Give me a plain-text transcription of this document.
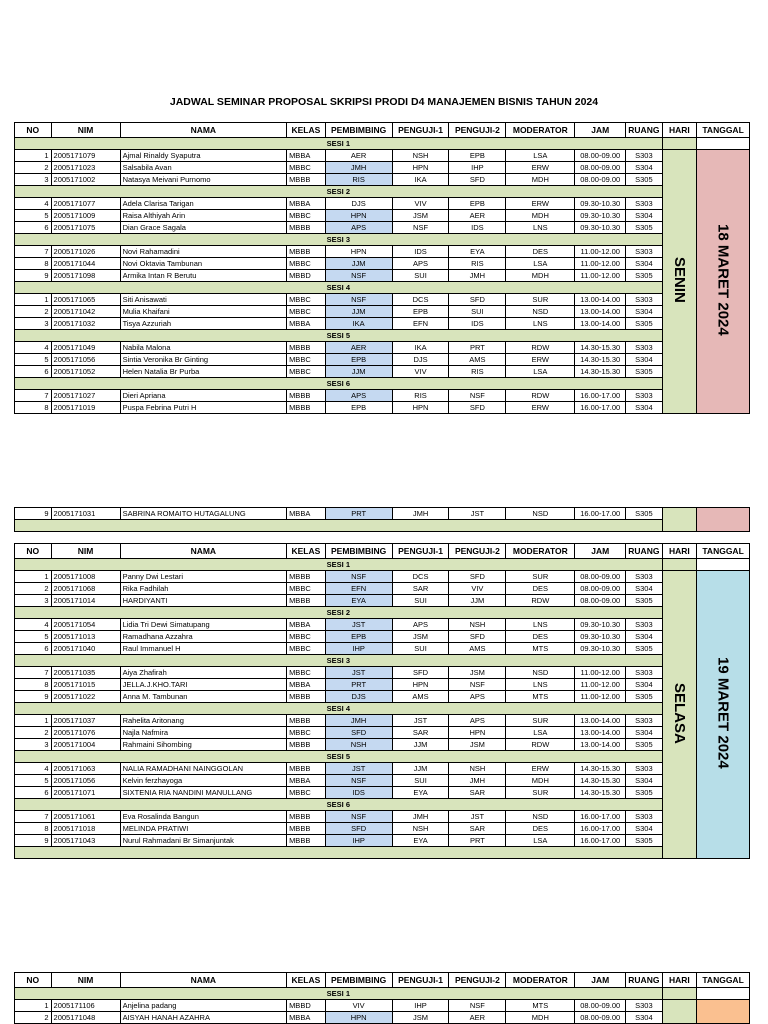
JADWAL SEMINAR PROPOSAL SKRIPSI PRODI D4 MANAJEMEN BISNIS TAHUN 2024
NO	NIM	NAMA	KELAS	PEMBIMBING	PENGUJI-1	PENGUJI-2	MODERATOR	JAM	RUANG	HARI	TANGGAL
SESI 1											
1	2005171079	Ajmal Rinaldy Syaputra	MBBA	AER	NSH	EPB	LSA	08.00-09.00	S303	SENIN	18 MARET 2024
2	2005171023	Salsabila Avan	MBBC	JMH	HPN	IHP	ERW	08.00-09.00	S304		
3	2005171002	Natasya Meivani Purnomo	MBBB	RIS	IKA	SFD	MDH	08.00-09.00	S305		
SESI 2											
4	2005171077	Adela Clarisa Tarigan	MBBA	DJS	VIV	EPB	ERW	09.30-10.30	S303		
5	2005171009	Raisa Althiyah Arin	MBBC	HPN	JSM	AER	MDH	09.30-10.30	S304		
6	2005171075	Dian Grace Sagala	MBBB	APS	NSF	IDS	LNS	09.30-10.30	S305		
SESI 3											
7	2005171026	Novi Rahamadini	MBBB	HPN	IDS	EYA	DES	11.00-12.00	S303		
8	2005171044	Novi Oktavia Tambunan	MBBC	JJM	APS	RIS	LSA	11.00-12.00	S304		
9	2005171098	Armika Intan R Berutu	MBBD	NSF	SUI	JMH	MDH	11.00-12.00	S305		
SESI 4											
1	2005171065	Siti Anisawati	MBBC	NSF	DCS	SFD	SUR	13.00-14.00	S303		
2	2005171042	Mulia Khaifani	MBBC	JJM	EPB	SUI	NSD	13.00-14.00	S304		
3	2005171032	Tisya Azzuriah	MBBA	IKA	EFN	IDS	LNS	13.00-14.00	S305		
SESI 5											
4	2005171049	Nabila Malona	MBBB	AER	IKA	PRT	RDW	14.30-15.30	S303		
5	2005171056	Sintia Veronika Br Ginting	MBBC	EPB	DJS	AMS	ERW	14.30-15.30	S304		
6	2005171052	Helen Natalia Br Purba	MBBC	JJM	VIV	RIS	LSA	14.30-15.30	S305		
SESI 6											
7	2005171027	Dieri Apriana	MBBB	APS	RIS	NSF	RDW	16.00-17.00	S303		
8	2005171019	Puspa Febrina Putri H	MBBB	EPB	HPN	SFD	ERW	16.00-17.00	S304		
9	2005171031	SABRINA ROMAITO HUTAGALUNG	MBBA	PRT	JMH	JST	NSD	16.00-17.00	S305		

NO	NIM	NAMA	KELAS	PEMBIMBING	PENGUJI-1	PENGUJI-2	MODERATOR	JAM	RUANG	HARI	TANGGAL
SESI 1											
1	2005171008	Panny Dwi Lestari	MBBB	NSF	DCS	SFD	SUR	08.00-09.00	S303	SELASA	19 MARET 2024
2	2005171068	Rika Fadhilah	MBBC	EFN	SAR	VIV	DES	08.00-09.00	S304		
3	2005171014	HARDIYANTI	MBBB	EYA	SUI	JJM	RDW	08.00-09.00	S305		
SESI 2											
4	2005171054	Lidia Tri Dewi Simatupang	MBBA	JST	APS	NSH	LNS	09.30-10.30	S303		
5	2005171013	Ramadhana Azzahra	MBBC	EPB	JSM	SFD	DES	09.30-10.30	S304		
6	2005171040	Raul Immanuel H	MBBC	IHP	SUI	AMS	MTS	09.30-10.30	S305		
SESI 3											
7	2005171035	Aiya Zhafirah	MBBC	JST	SFD	JSM	NSD	11.00-12.00	S303		
8	2005171015	JELLA.J.KHO.TARI	MBBA	PRT	HPN	NSF	LNS	11.00-12.00	S304		
9	2005171022	Anna M. Tambunan	MBBB	DJS	AMS	APS	MTS	11.00-12.00	S305		
SESI 4											
1	2005171037	Rahelita Aritonang	MBBB	JMH	JST	APS	SUR	13.00-14.00	S303		
2	2005171076	Najla Nafmira	MBBC	SFD	SAR	HPN	LSA	13.00-14.00	S304		
3	2005171004	Rahmaini Sihombing	MBBB	NSH	JJM	JSM	RDW	13.00-14.00	S305		
SESI 5											
4	2005171063	NALIA RAMADHANI NAINGGOLAN	MBBB	JST	JJM	NSH	ERW	14.30-15.30	S303		
5	2005171056	Kelvin ferzhayoga	MBBA	NSF	SUI	JMH	MDH	14.30-15.30	S304		
6	2005171071	SIXTENIA RIA NANDINI MANULLANG	MBBC	IDS	EYA	SAR	SUR	14.30-15.30	S305		
SESI 6											
7	2005171061	Eva Rosalinda Bangun	MBBB	NSF	JMH	JST	NSD	16.00-17.00	S303		
8	2005171018	MELINDA PRATIWI	MBBB	SFD	NSH	SAR	DES	16.00-17.00	S304		
9	2005171043	Nurul Rahmadani Br Simanjuntak	MBBB	IHP	EYA	PRT	LSA	16.00-17.00	S305		

NO	NIM	NAMA	KELAS	PEMBIMBING	PENGUJI-1	PENGUJI-2	MODERATOR	JAM	RUANG	HARI	TANGGAL
SESI 1											
1	2005171106	Anjelina padang	MBBD	VIV	IHP	NSF	MTS	08.00-09.00	S303		
2	2005171048	AISYAH HANAH AZAHRA	MBBA	HPN	JSM	AER	MDH	08.00-09.00	S304		
